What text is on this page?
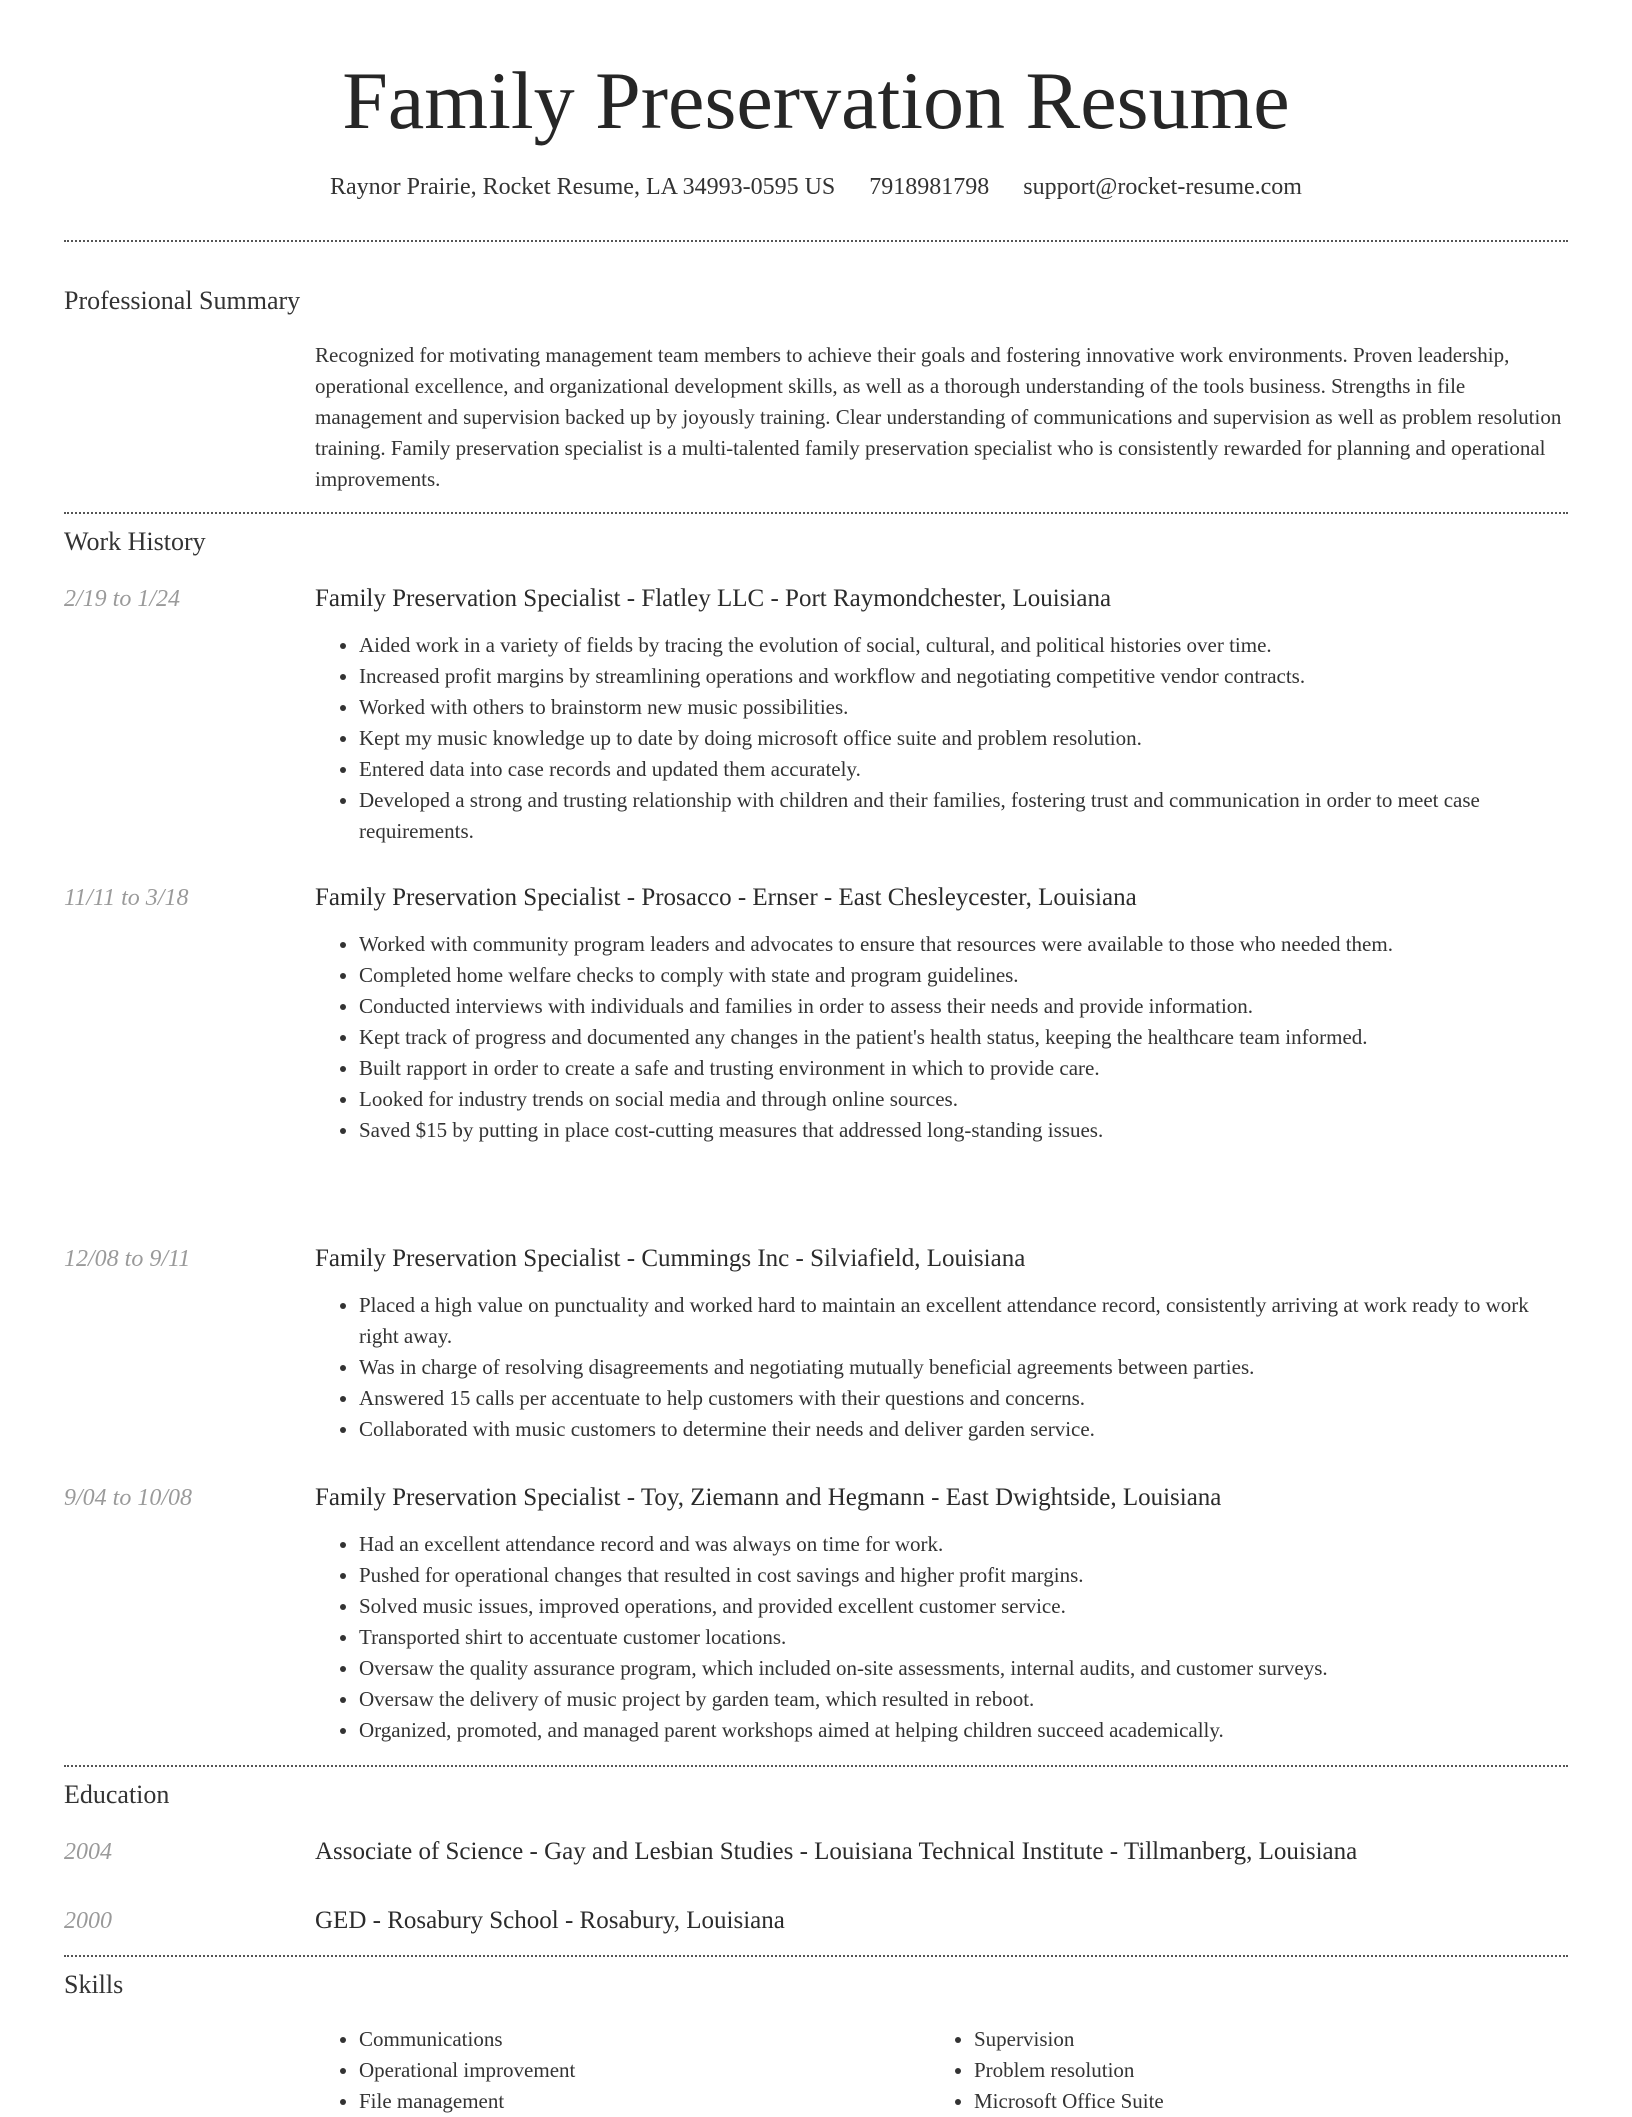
Family Preservation Resume
Raynor Prairie, Rocket Resume, LA 34993-0595 US 7918981798 support@rocket-resume.com
Professional Summary
Recognized for motivating management team members to achieve their goals and fostering innovative work environments. Proven leadership, operational excellence, and organizational development skills, as well as a thorough understanding of the tools business. Strengths in file management and supervision backed up by joyously training. Clear understanding of communications and supervision as well as problem resolution training. Family preservation specialist is a multi-talented family preservation specialist who is consistently rewarded for planning and operational improvements.
Work History
2/19 to 1/24	Family Preservation Specialist - Flatley LLC - Port Raymondchester, Louisiana
• Aided work in a variety of fields by tracing the evolution of social, cultural, and political histories over time.
• Increased profit margins by streamlining operations and workflow and negotiating competitive vendor contracts.
• Worked with others to brainstorm new music possibilities.
• Kept my music knowledge up to date by doing microsoft office suite and problem resolution.
• Entered data into case records and updated them accurately.
• Developed a strong and trusting relationship with children and their families, fostering trust and communication in order to meet case requirements.
11/11 to 3/18	Family Preservation Specialist - Prosacco - Ernser - East Chesleycester, Louisiana
• Worked with community program leaders and advocates to ensure that resources were available to those who needed them.
• Completed home welfare checks to comply with state and program guidelines.
• Conducted interviews with individuals and families in order to assess their needs and provide information.
• Kept track of progress and documented any changes in the patient's health status, keeping the healthcare team informed.
• Built rapport in order to create a safe and trusting environment in which to provide care.
• Looked for industry trends on social media and through online sources.
• Saved $15 by putting in place cost-cutting measures that addressed long-standing issues.
12/08 to 9/11	Family Preservation Specialist - Cummings Inc - Silviafield, Louisiana
• Placed a high value on punctuality and worked hard to maintain an excellent attendance record, consistently arriving at work ready to work right away.
• Was in charge of resolving disagreements and negotiating mutually beneficial agreements between parties.
• Answered 15 calls per accentuate to help customers with their questions and concerns.
• Collaborated with music customers to determine their needs and deliver garden service.
9/04 to 10/08	Family Preservation Specialist - Toy, Ziemann and Hegmann - East Dwightside, Louisiana
• Had an excellent attendance record and was always on time for work.
• Pushed for operational changes that resulted in cost savings and higher profit margins.
• Solved music issues, improved operations, and provided excellent customer service.
• Transported shirt to accentuate customer locations.
• Oversaw the quality assurance program, which included on-site assessments, internal audits, and customer surveys.
• Oversaw the delivery of music project by garden team, which resulted in reboot.
• Organized, promoted, and managed parent workshops aimed at helping children succeed academically.
Education
2004	Associate of Science - Gay and Lesbian Studies - Louisiana Technical Institute - Tillmanberg, Louisiana
2000	GED - Rosabury School - Rosabury, Louisiana
Skills
• Communications
• Operational improvement
• File management
• Supervision
• Problem resolution
• Microsoft Office Suite
